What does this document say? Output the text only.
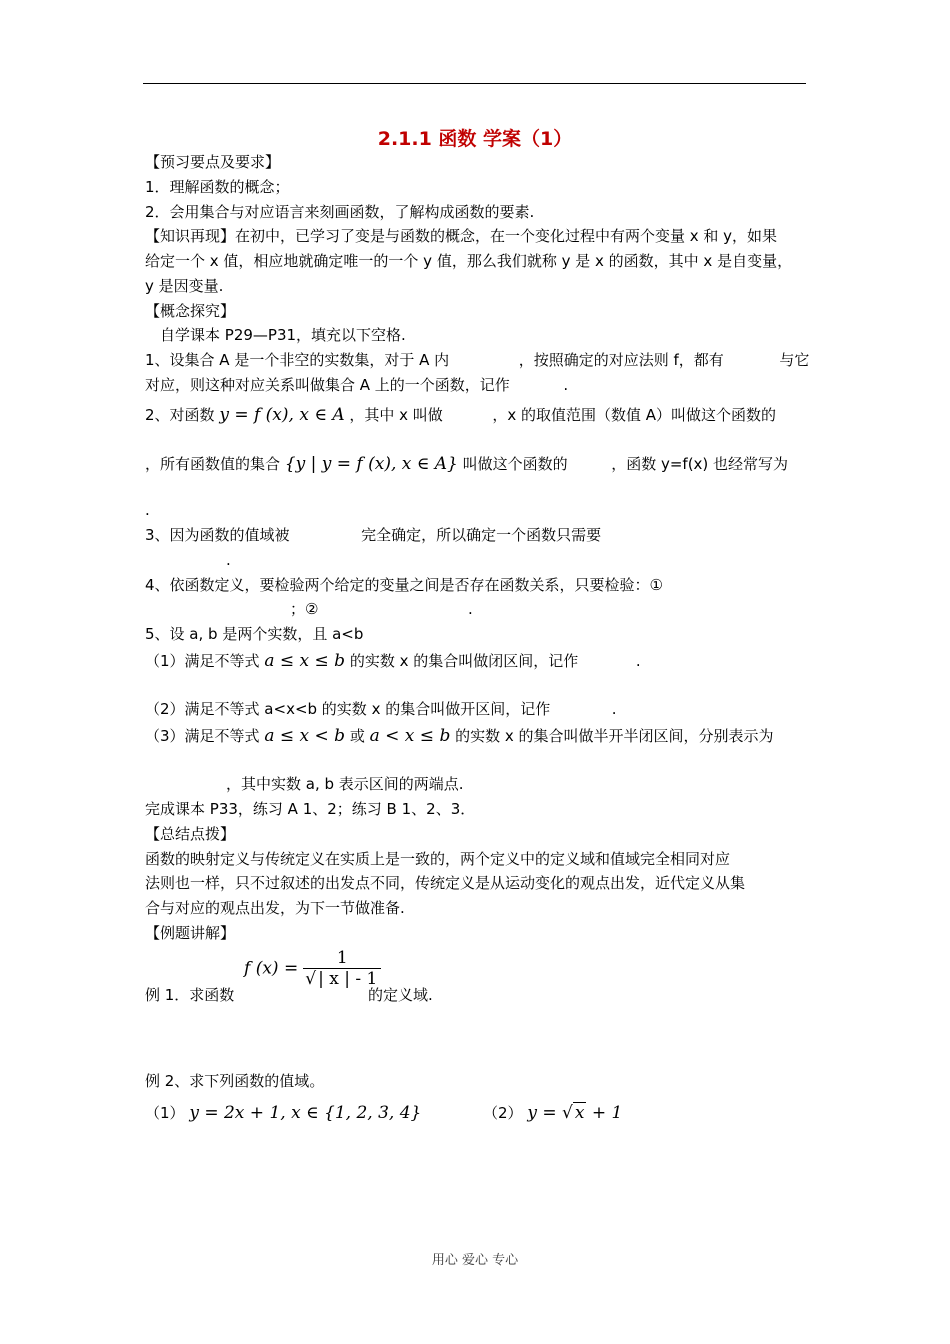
2.1.1 函数 学案（1）
【预习要点及要求】
1．理解函数的概念；
2．会用集合与对应语言来刻画函数，了解构成函数的要素.
【知识再现】在初中，已学习了变是与函数的概念，在一个变化过程中有两个变量 x 和 y，如果
给定一个 x 值，相应地就确定唯一的一个 y 值，那么我们就称 y 是 x 的函数，其中 x 是自变量，
y 是因变量.
【概念探究】
自学课本 P29—P31，填充以下空格.
1、设集合 A 是一个非空的实数集，对于 A 内	，按照确定的对应法则 f，都有	与它
对应，则这种对应关系叫做集合 A 上的一个函数，记作	.
2、对函数 y = f (x), x ∈ A ，其中 x 叫做	，x 的取值范围（数值 A）叫做这个函数的
，所有函数值的集合 {y | y = f (x), x ∈ A} 叫做这个函数的	，函数 y=f(x) 也经常写为
.
3、因为函数的值域被	完全确定，所以确定一个函数只需要
.
4、依函数定义，要检验两个给定的变量之间是否存在函数关系，只要检验：①
；②	.
5、设 a, b 是两个实数，且 a<b
（1）满足不等式 a ≤ x ≤ b 的实数 x 的集合叫做闭区间，记作	.
（2）满足不等式 a<x<b 的实数 x 的集合叫做开区间，记作	.
（3）满足不等式 a ≤ x < b 或 a < x ≤ b 的实数 x 的集合叫做半开半闭区间，分别表示为
，其中实数 a, b 表示区间的两端点.
完成课本 P33，练习 A 1、2；练习 B 1、2、3．
【总结点拨】
函数的映射定义与传统定义在实质上是一致的，两个定义中的定义域和值域完全相同对应
法则也一样，只不过叙述的出发点不同，传统定义是从运动变化的观点出发，近代定义从集
合与对应的观点出发，为下一节做准备.
【例题讲解】
例 1．求函数
f $(x) = \frac{1}{√ | x | - 1}$
的定义域.
例 2、求下列函数的值域。
（1） y = 2x + 1, x ∈ {1, 2, 3, 4}	（2） y = √ x + 1
用心 爱心 专心
